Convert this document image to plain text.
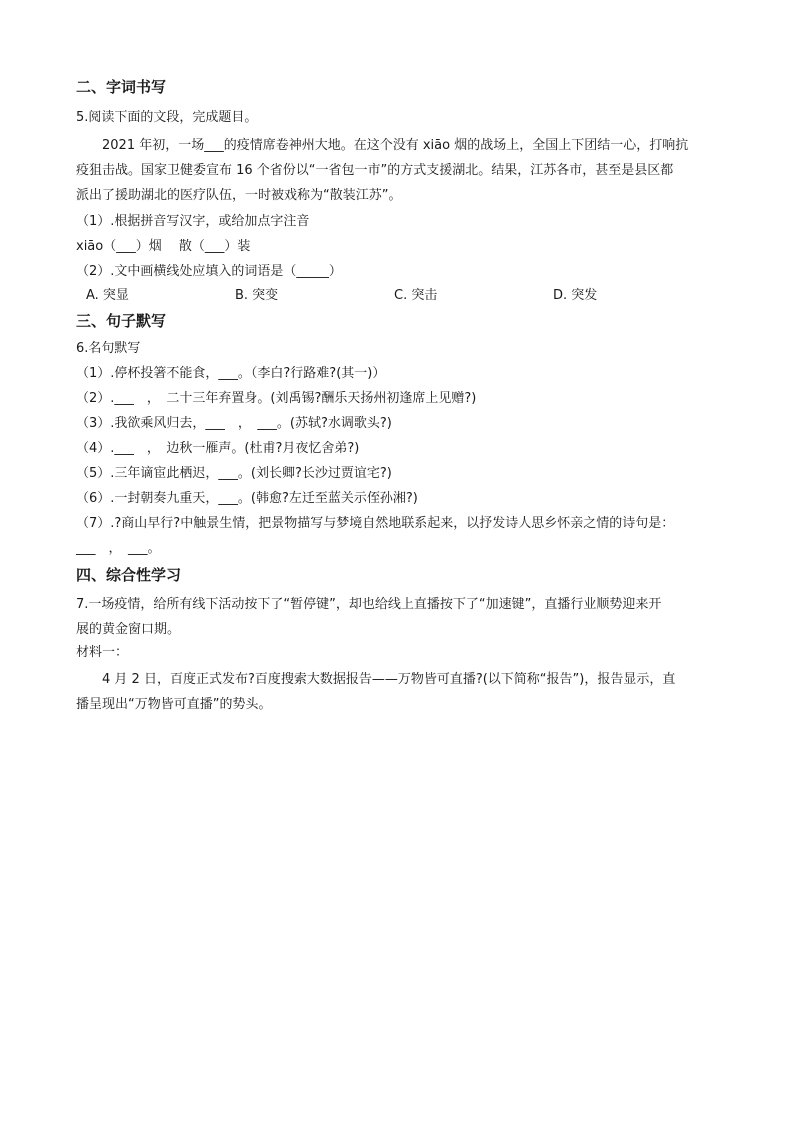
二、字词书写
5.阅读下面的文段，完成题目。
2021 年初，一场___的疫情席卷神州大地。在这个没有 xiāo 烟的战场上，全国上下团结一心，打响抗
疫狙击战。国家卫健委宣布 16 个省份以“一省包一市”的方式支援湖北。结果，江苏各市，甚至是县区都
派出了援助湖北的医疗队伍，一时被戏称为“散装江苏”。
（1）.根据拼音写汉字，或给加点字注音
xiāo（___）烟　 散（___）装
（2）.文中画横线处应填入的词语是（_____）
A. 突显	B. 突变	C. 突击	D. 突发
三、句子默写
6.名句默写
（1）.停杯投箸不能食，___。（李白?行路难?(其一)）
（2）.___　，　二十三年弃置身。(刘禹锡?酬乐天扬州初逢席上见赠?)
（3）.我欲乘风归去，___　，　___。(苏轼?水调歌头?)
（4）.___　，　边秋一雁声。(杜甫?月夜忆舍弟?)
（5）.三年谪宦此栖迟，___。(刘长卿?长沙过贾谊宅?)
（6）.一封朝奏九重天，___。(韩愈?左迁至蓝关示侄孙湘?)
（7）.?商山早行?中触景生情，把景物描写与梦境自然地联系起来，以抒发诗人思乡怀亲之情的诗句是：
___　，　___。
四、综合性学习
7.一场疫情，给所有线下活动按下了“暂停键”，却也给线上直播按下了“加速键”，直播行业顺势迎来开
展的黄金窗口期。
材料一：
4 月 2 日，百度正式发布?百度搜索大数据报告——万物皆可直播?(以下简称“报告”)，报告显示，直
播呈现出“万物皆可直播”的势头。
